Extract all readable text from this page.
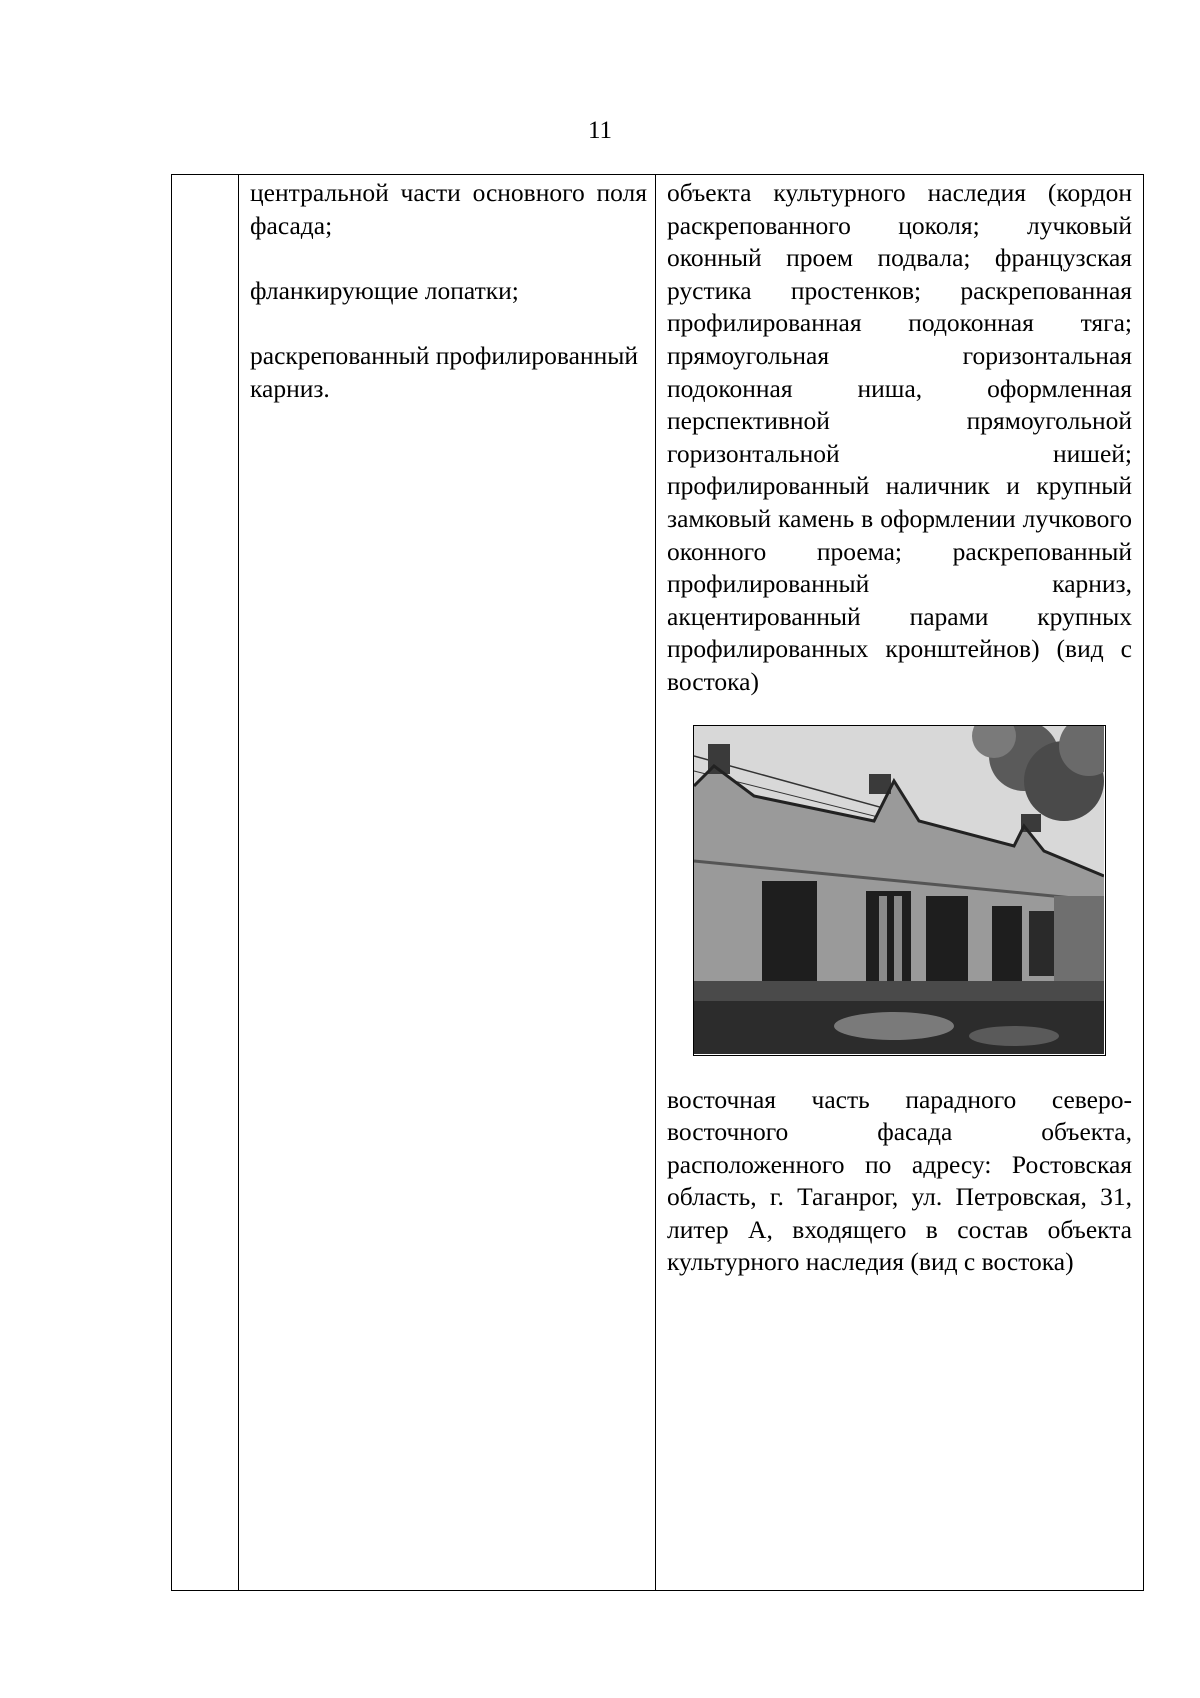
11

центральной части основного поля фасада;

фланкирующие лопатки;

раскрепованный профилированный карниз.

объекта культурного наследия (кордон раскрепованного цоколя; лучковый оконный проем подвала; французская рустика простенков; раскрепованная профилированная подоконная тяга; прямоугольная горизонтальная подоконная ниша, оформленная перспективной прямоугольной горизонтальной нишей; профилированный наличник и крупный замковый камень в оформлении лучкового оконного проема; раскрепованный профилированный карниз, акцентированный парами крупных профилированных кронштейнов) (вид с востока)

восточная часть парадного северо-восточного фасада объекта, расположенного по адресу: Ростовская область, г. Таганрог, ул. Петровская, 31, литер А, входящего в состав объекта культурного наследия (вид с востока)
